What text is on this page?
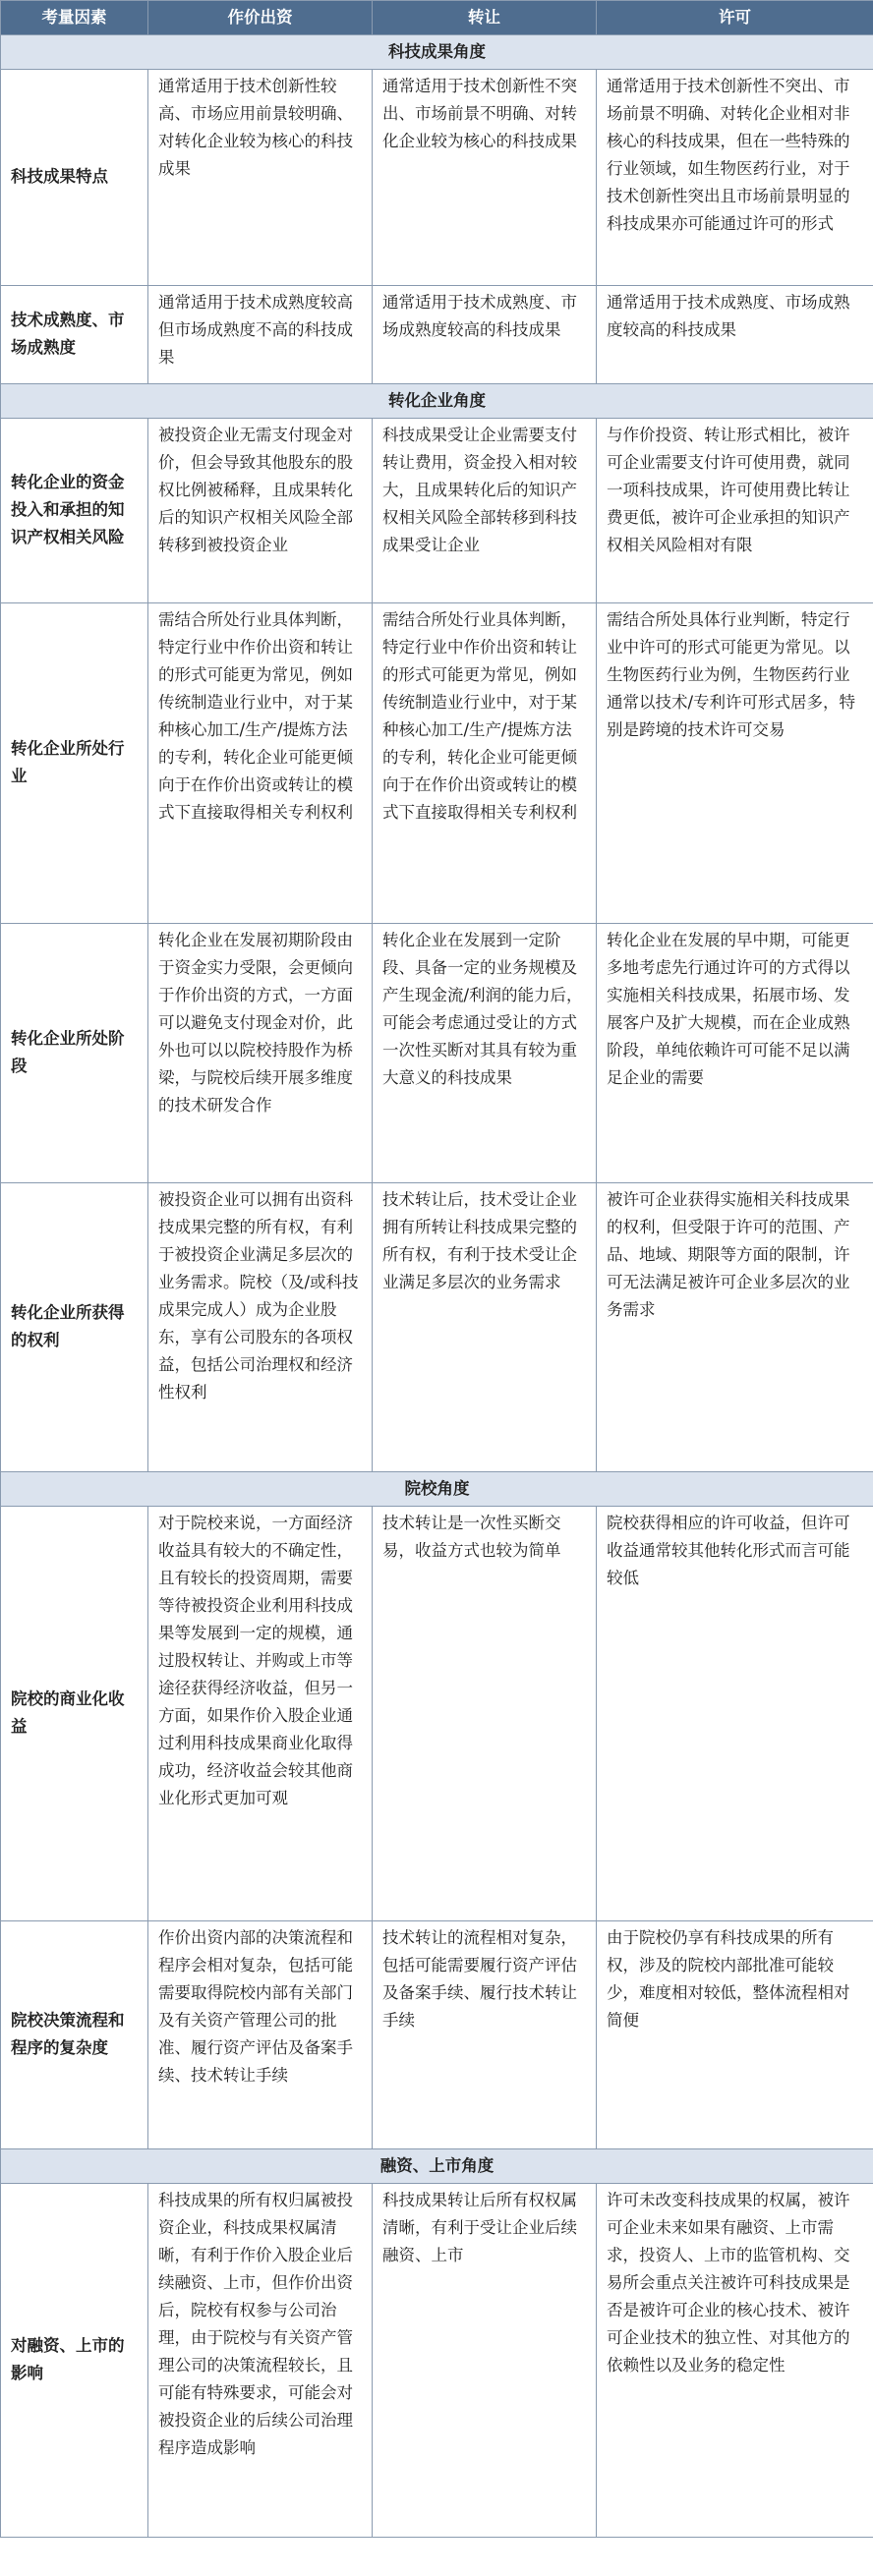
考量因素	作价出资	转让	许可
科技成果角度			
科技成果特点	通常适用于技术创新性较高、市场应用前景较明确、对转化企业较为核心的科技成果	通常适用于技术创新性不突出、市场前景不明确、对转化企业较为核心的科技成果	通常适用于技术创新性不突出、市场前景不明确、对转化企业相对非核心的科技成果，但在一些特殊的行业领域，如生物医药行业，对于技术创新性突出且市场前景明显的科技成果亦可能通过许可的形式
技术成熟度、市场成熟度	通常适用于技术成熟度较高但市场成熟度不高的科技成果	通常适用于技术成熟度、市场成熟度较高的科技成果	通常适用于技术成熟度、市场成熟度较高的科技成果
转化企业角度			
转化企业的资金投入和承担的知识产权相关风险	被投资企业无需支付现金对价，但会导致其他股东的股权比例被稀释，且成果转化后的知识产权相关风险全部转移到被投资企业	科技成果受让企业需要支付转让费用，资金投入相对较大，且成果转化后的知识产权相关风险全部转移到科技成果受让企业	与作价投资、转让形式相比，被许可企业需要支付许可使用费，就同一项科技成果，许可使用费比转让费更低，被许可企业承担的知识产权相关风险相对有限
转化企业所处行业	需结合所处行业具体判断，特定行业中作价出资和转让的形式可能更为常见，例如传统制造业行业中，对于某种核心加工/生产/提炼方法的专利，转化企业可能更倾向于在作价出资或转让的模式下直接取得相关专利权利	需结合所处行业具体判断，特定行业中作价出资和转让的形式可能更为常见，例如传统制造业行业中，对于某种核心加工/生产/提炼方法的专利，转化企业可能更倾向于在作价出资或转让的模式下直接取得相关专利权利	需结合所处具体行业判断，特定行业中许可的形式可能更为常见。以生物医药行业为例，生物医药行业通常以技术/专利许可形式居多，特别是跨境的技术许可交易
转化企业所处阶段	转化企业在发展初期阶段由于资金实力受限，会更倾向于作价出资的方式，一方面可以避免支付现金对价，此外也可以以院校持股作为桥梁，与院校后续开展多维度的技术研发合作	转化企业在发展到一定阶段、具备一定的业务规模及产生现金流/利润的能力后，可能会考虑通过受让的方式一次性买断对其具有较为重大意义的科技成果	转化企业在发展的早中期，可能更多地考虑先行通过许可的方式得以实施相关科技成果，拓展市场、发展客户及扩大规模，而在企业成熟阶段，单纯依赖许可可能不足以满足企业的需要
转化企业所获得的权利	被投资企业可以拥有出资科技成果完整的所有权，有利于被投资企业满足多层次的业务需求。院校（及/或科技成果完成人）成为企业股东，享有公司股东的各项权益，包括公司治理权和经济性权利	技术转让后，技术受让企业拥有所转让科技成果完整的所有权，有利于技术受让企业满足多层次的业务需求	被许可企业获得实施相关科技成果的权利，但受限于许可的范围、产品、地域、期限等方面的限制，许可无法满足被许可企业多层次的业务需求
院校角度			
院校的商业化收益	对于院校来说，一方面经济收益具有较大的不确定性，且有较长的投资周期，需要等待被投资企业利用科技成果等发展到一定的规模，通过股权转让、并购或上市等途径获得经济收益，但另一方面，如果作价入股企业通过利用科技成果商业化取得成功，经济收益会较其他商业化形式更加可观	技术转让是一次性买断交易，收益方式也较为简单	院校获得相应的许可收益，但许可收益通常较其他转化形式而言可能较低
院校决策流程和程序的复杂度	作价出资内部的决策流程和程序会相对复杂，包括可能需要取得院校内部有关部门及有关资产管理公司的批准、履行资产评估及备案手续、技术转让手续	技术转让的流程相对复杂，包括可能需要履行资产评估及备案手续、履行技术转让手续	由于院校仍享有科技成果的所有权，涉及的院校内部批准可能较少，难度相对较低，整体流程相对简便
融资、上市角度			
对融资、上市的影响	科技成果的所有权归属被投资企业，科技成果权属清晰，有利于作价入股企业后续融资、上市，但作价出资后，院校有权参与公司治理，由于院校与有关资产管理公司的决策流程较长，且可能有特殊要求，可能会对被投资企业的后续公司治理程序造成影响	科技成果转让后所有权权属清晰，有利于受让企业后续融资、上市	许可未改变科技成果的权属，被许可企业未来如果有融资、上市需求，投资人、上市的监管机构、交易所会重点关注被许可科技成果是否是被许可企业的核心技术、被许可企业技术的独立性、对其他方的依赖性以及业务的稳定性
